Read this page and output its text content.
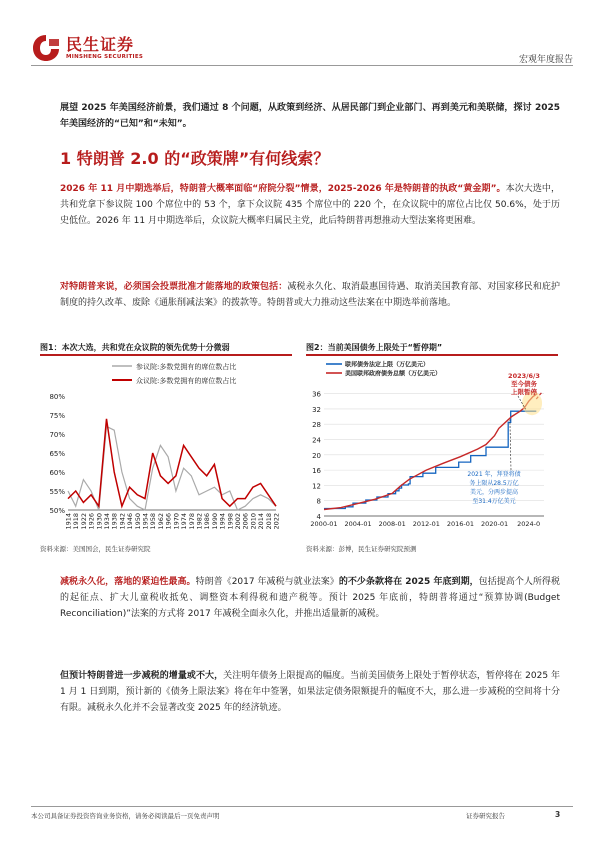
民生证券
MINSHENG SECURITIES	宏观年度报告
展望 2025 年美国经济前景，我们通过 8 个问题，从政策到经济、从居民部门到企业部门、再到美元和美联储，探讨 2025 年美国经济的“已知”和“未知”。
1 特朗普 2.0 的“政策牌”有何线索？
2026 年 11 月中期选举后，特朗普大概率面临“府院分裂”情景，2025-2026 年是特朗普的执政“黄金期”。本次大选中，共和党拿下参议院 100 个席位中的 53 个，拿下众议院 435 个席位中的 220 个，在众议院中的席位占比仅 50.6%，处于历史低位。2026 年 11 月中期选举后，众议院大概率归属民主党，此后特朗普再想推动大型法案将更困难。
对特朗普来说，必须国会投票批准才能落地的政策包括：减税永久化、取消最惠国待遇、取消美国教育部、对国家移民和庇护制度的持久改革、废除《通胀削减法案》的拨款等。特朗普或大力推动这些法案在中期选举前落地。
图1：本次大选，共和党在众议院的领先优势十分微弱
参议院:多数党拥有的席位数占比
众议院:多数党拥有的席位数占比
50%
55%
60%
65%
70%
75%
80%
1914 1918 1922 1926 1930 1934 1938 1942 1946 1950 1954 1958 1962 1966 1970 1974 1978 1982 1986 1990 1994 1998 2002 2006 2010 2014 2018 2022
资料来源：美国国会，民生证券研究院
图2：当前美国债务上限处于“暂停期”
4
8
12
16
20
24
28
32
36
2000-01 2004-01 2008-01 2012-01 2016-01 2020-01 2024-0
联邦债务法定上限（万亿美元）
美国联邦政府债务总额（万亿美元）	2023/6/3
至今债务
上限暂停
2021 年，拜登将债
务上限从28.5万亿
美元，分两步提高
至31.4万亿美元
资料来源：彭博，民生证券研究院预测
减税永久化，落地的紧迫性最高。特朗普《2017 年减税与就业法案》的不少条款将在 2025 年底到期，包括提高个人所得税的起征点、扩大儿童税收抵免、调整资本利得税和遗产税等。预计 2025 年底前，特朗普将通过“预算协调(Budget Reconciliation)”法案的方式将 2017 年减税全面永久化，并推出适量新的减税。
但预计特朗普进一步减税的增量或不大，关注明年债务上限提高的幅度。当前美国债务上限处于暂停状态，暂停将在 2025 年 1 月 1 日到期，预计新的《债务上限法案》将在年中签署，如果法定债务限额提升的幅度不大，那么进一步减税的空间将十分有限。减税永久化并不会显著改变 2025 年的经济轨迹。
本公司具备证券投资咨询业务资格，请务必阅读最后一页免责声明	证券研究报告	3
